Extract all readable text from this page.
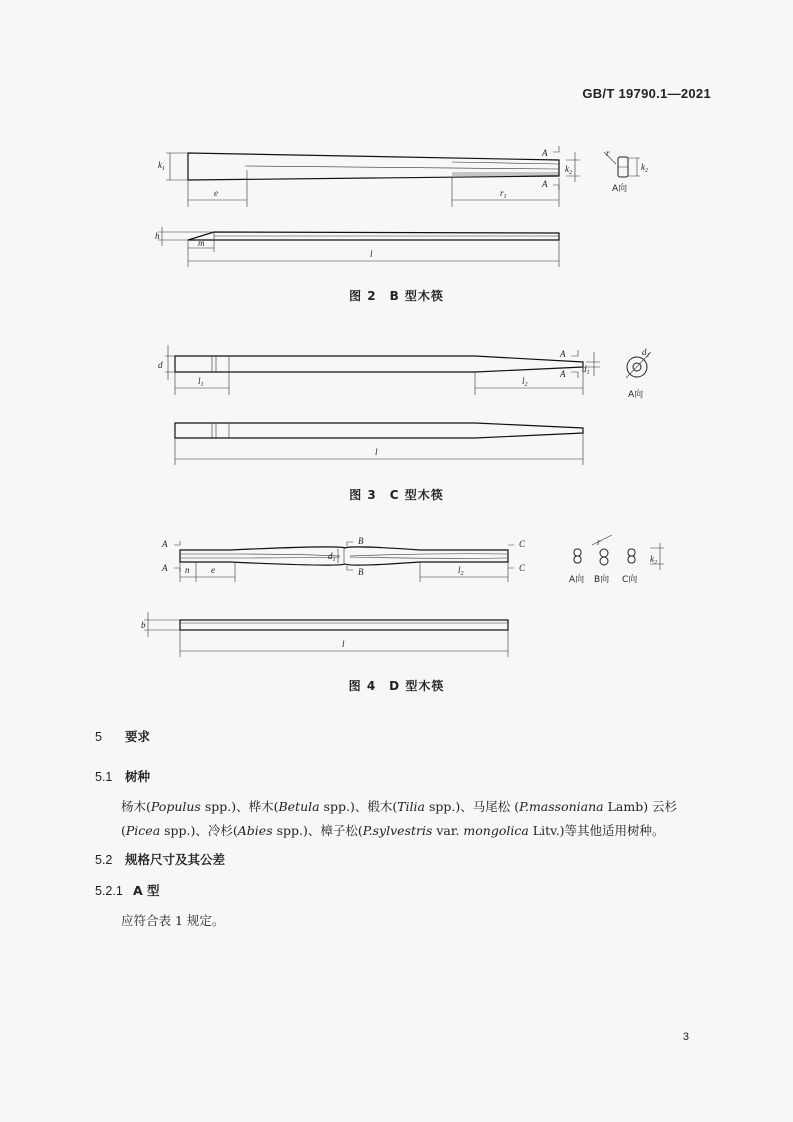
GB/T 19790.1—2021
$k_1$
e	$r_1$
A
A
$k_2$
r
$k_2$
A向
h
m
l
图 2　B 型木筷
d
$l_1$	$l_2$
A
A $d_1$
$d_1$
A向
l
图 3　C 型木筷
$d_1$
A
A
B
B
C
C
n e	$l_2$
r
$k_2$
A向 B向 C向
b
l
图 4　D 型木筷
5 要求
5.1 树种
杨木(Populus spp.)、桦木(Betula spp.)、椴木(Tilia spp.)、马尾松 (P.massoniana Lamb) 云杉(Picea spp.)、冷杉(Abies spp.)、樟子松(P.sylvestris var. mongolica Litv.)等其他适用树种。
5.2 规格尺寸及其公差
5.2.1 A 型
应符合表 1 规定。
3
